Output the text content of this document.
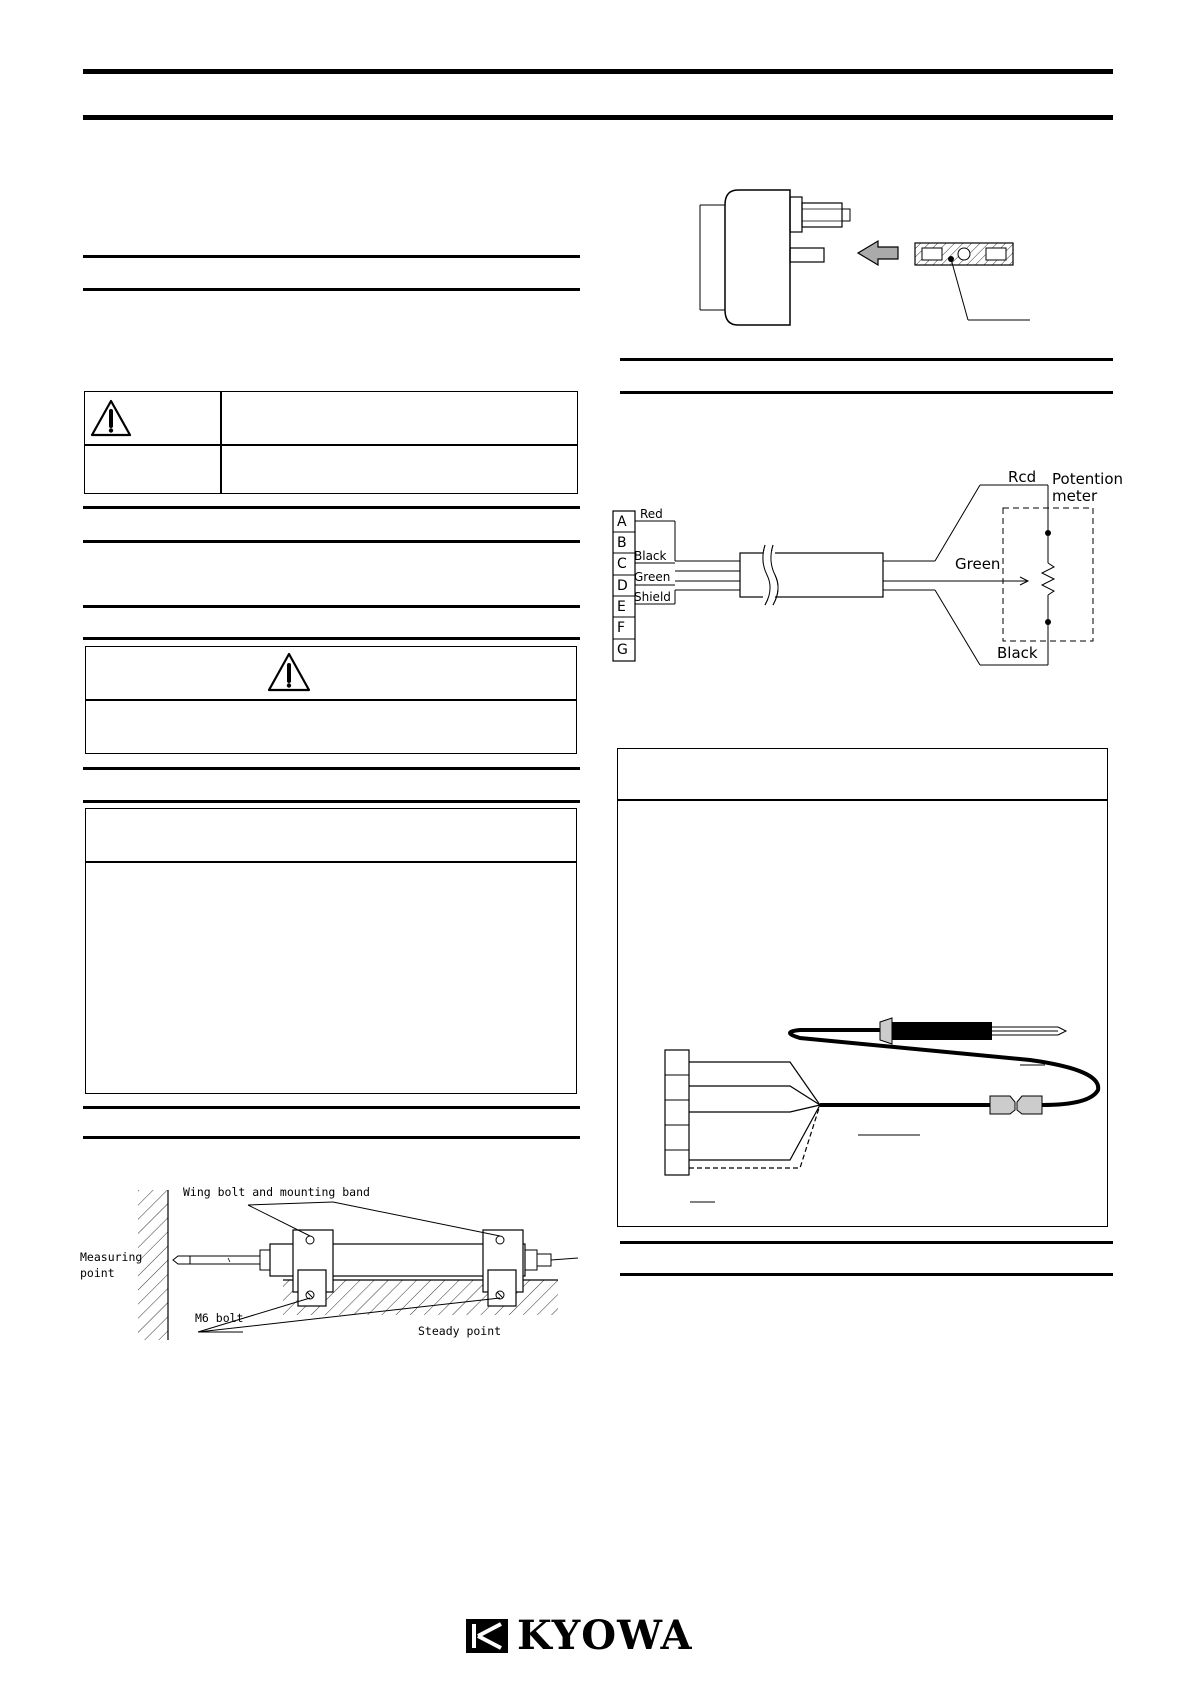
Wing bolt and mounting band
Measuring
point
M6 bolt
Steady point
A
B
C
D
E
F
G
Red
Black
Green
Shield
Rcd Potention
meter
Green
Black
KYOWA
